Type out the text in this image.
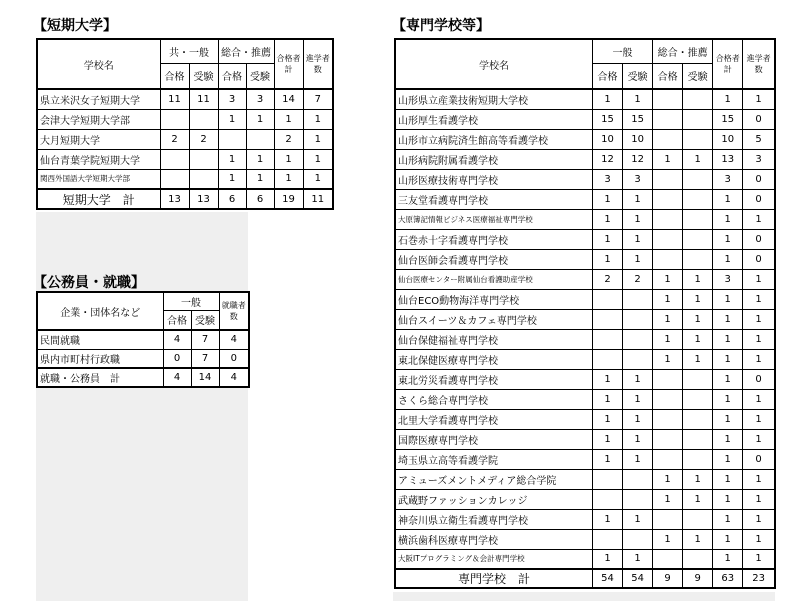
【短期大学】
学校名	共・一般		総合・推薦		合格者計	進学者数
	合格	受験	合格	受験		
県立米沢女子短期大学	11	11	3	3	14	7
会津大学短期大学部			1	1	1	1
大月短期大学	2	2			2	1
仙台青葉学院短期大学			1	1	1	1
関西外国語大学短期大学部			1	1	1	1
短期大学　計	13	13	6	6	19	11
【公務員・就職】
企業・団体名など	一般		就職者数
	合格	受験	
民間就職	4	7	4
県内市町村行政職	0	7	0
就職・公務員　計	4	14	4
【専門学校等】
学校名	一般		総合・推薦		合格者計	進学者数
	合格	受験	合格	受験		
山形県立産業技術短期大学校	1	1			1	1
山形厚生看護学校	15	15			15	0
山形市立病院済生館高等看護学校	10	10			10	5
山形病院附属看護学校	12	12	1	1	13	3
山形医療技術専門学校	3	3			3	0
三友堂看護専門学校	1	1			1	0
大原簿記情報ビジネス医療福祉専門学校	1	1			1	1
石巻赤十字看護専門学校	1	1			1	0
仙台医師会看護専門学校	1	1			1	0
仙台医療センター附属仙台看護助産学校	2	2	1	1	3	1
仙台ECO動物海洋専門学校			1	1	1	1
仙台スイーツ＆カフェ専門学校			1	1	1	1
仙台保健福祉専門学校			1	1	1	1
東北保健医療専門学校			1	1	1	1
東北労災看護専門学校	1	1			1	0
さくら総合専門学校	1	1			1	1
北里大学看護専門学校	1	1			1	1
国際医療専門学校	1	1			1	1
埼玉県立高等看護学院	1	1			1	0
アミューズメントメディア総合学院			1	1	1	1
武蔵野ファッションカレッジ			1	1	1	1
神奈川県立衛生看護専門学校	1	1			1	1
横浜歯科医療専門学校			1	1	1	1
大阪ITプログラミング＆会計専門学校	1	1			1	1
専門学校　計	54	54	9	9	63	23
